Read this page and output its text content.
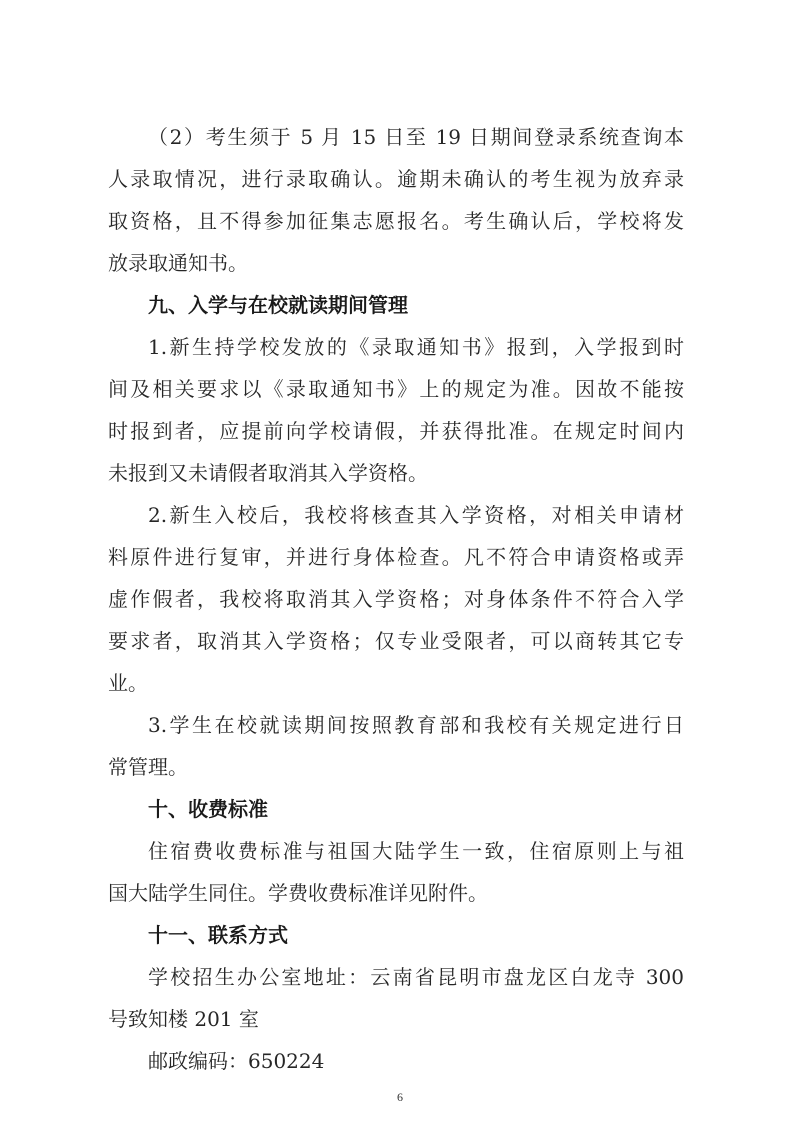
（2）考生须于 5 月 15 日至 19 日期间登录系统查询本
人录取情况，进行录取确认。逾期未确认的考生视为放弃录
取资格，且不得参加征集志愿报名。考生确认后，学校将发
放录取通知书。
九、入学与在校就读期间管理
1.新生持学校发放的《录取通知书》报到，入学报到时
间及相关要求以《录取通知书》上的规定为准。因故不能按
时报到者，应提前向学校请假，并获得批准。在规定时间内
未报到又未请假者取消其入学资格。
2.新生入校后，我校将核查其入学资格，对相关申请材
料原件进行复审，并进行身体检查。凡不符合申请资格或弄
虚作假者，我校将取消其入学资格；对身体条件不符合入学
要求者，取消其入学资格；仅专业受限者，可以商转其它专
业。
3.学生在校就读期间按照教育部和我校有关规定进行日
常管理。
十、收费标准
住宿费收费标准与祖国大陆学生一致，住宿原则上与祖
国大陆学生同住。学费收费标准详见附件。
十一、联系方式
学校招生办公室地址：云南省昆明市盘龙区白龙寺 300
号致知楼 201 室
邮政编码：650224
6
